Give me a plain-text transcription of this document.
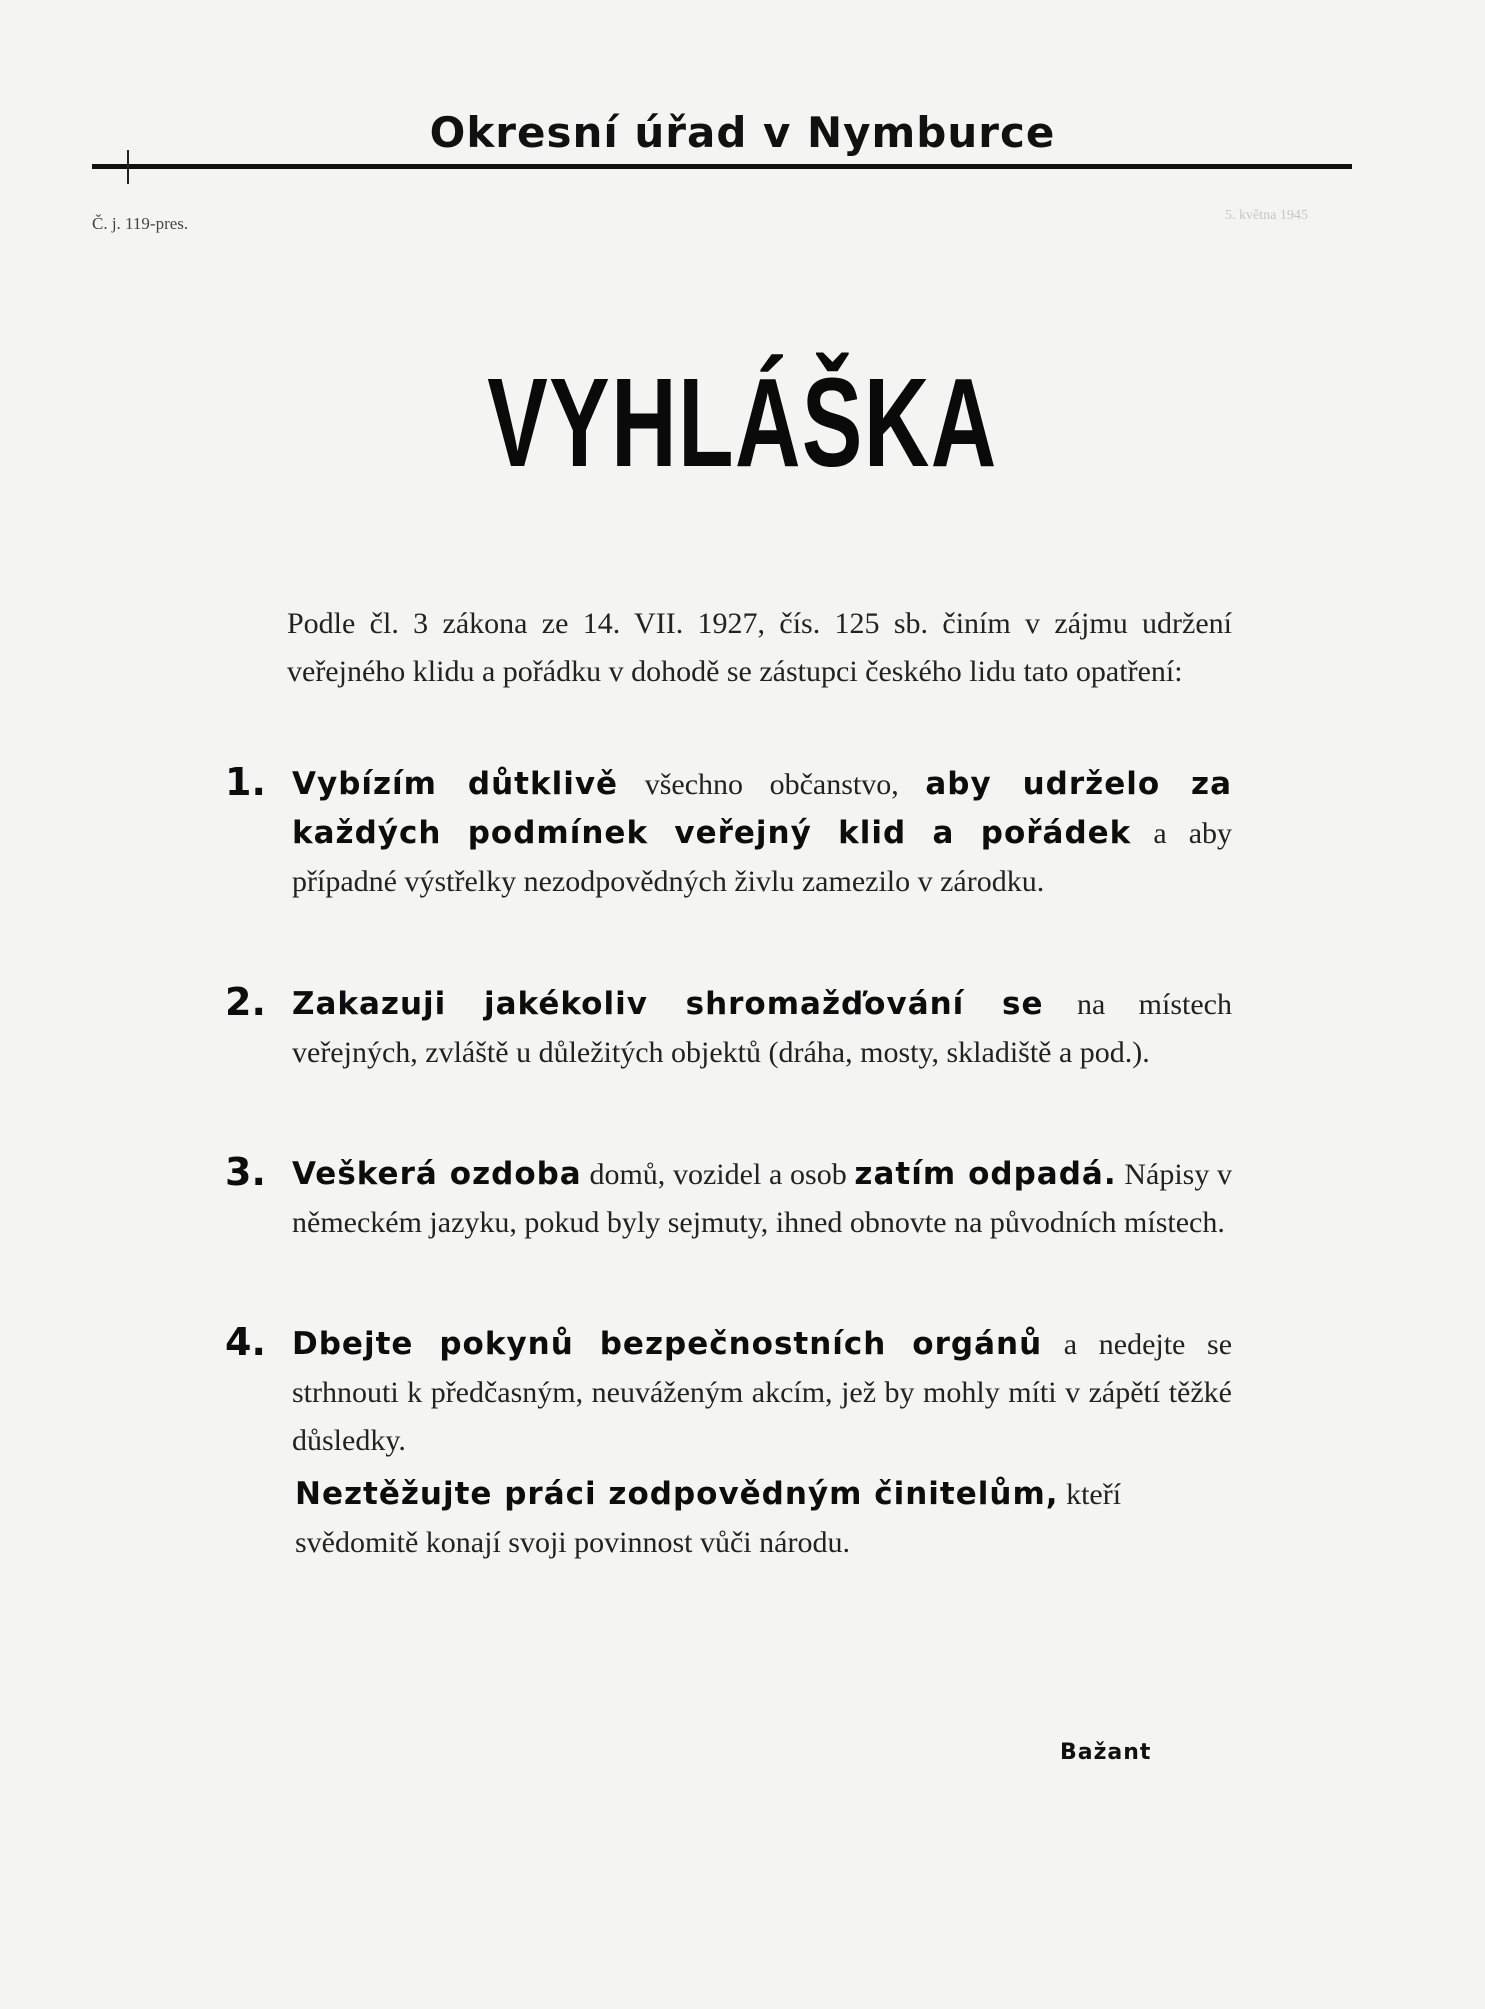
Okresní úřad v Nymburce
Č. j. 119-pres.	5. května 1945
VYHLÁŠKA
Podle čl. 3 zákona ze 14. VII. 1927, čís. 125 sb. činím v zájmu udržení veřejného klidu a pořádku v dohodě se zástupci českého lidu tato opatření:
1. Vybízím důtklivě všechno občanstvo, aby udrželo za každých podmínek veřejný klid a pořádek a aby případné výstřelky nezodpovědných živlu zamezilo v zárodku.
2. Zakazuji jakékoliv shromažďování se na místech veřejných, zvláště u důležitých objektů (dráha, mosty, skladiště a pod.).
3. Veškerá ozdoba domů, vozidel a osob zatím odpadá. Nápisy v německém jazyku, pokud byly sejmuty, ihned obnovte na původních místech.
4. Dbejte pokynů bezpečnostních orgánů a nedejte se strhnouti k předčasným, neuváženým akcím, jež by mohly míti v zápětí těžké důsledky.
Neztěžujte práci zodpovědným činitelům, kteří svědomitě konají svoji povinnost vůči národu.
Bažant
